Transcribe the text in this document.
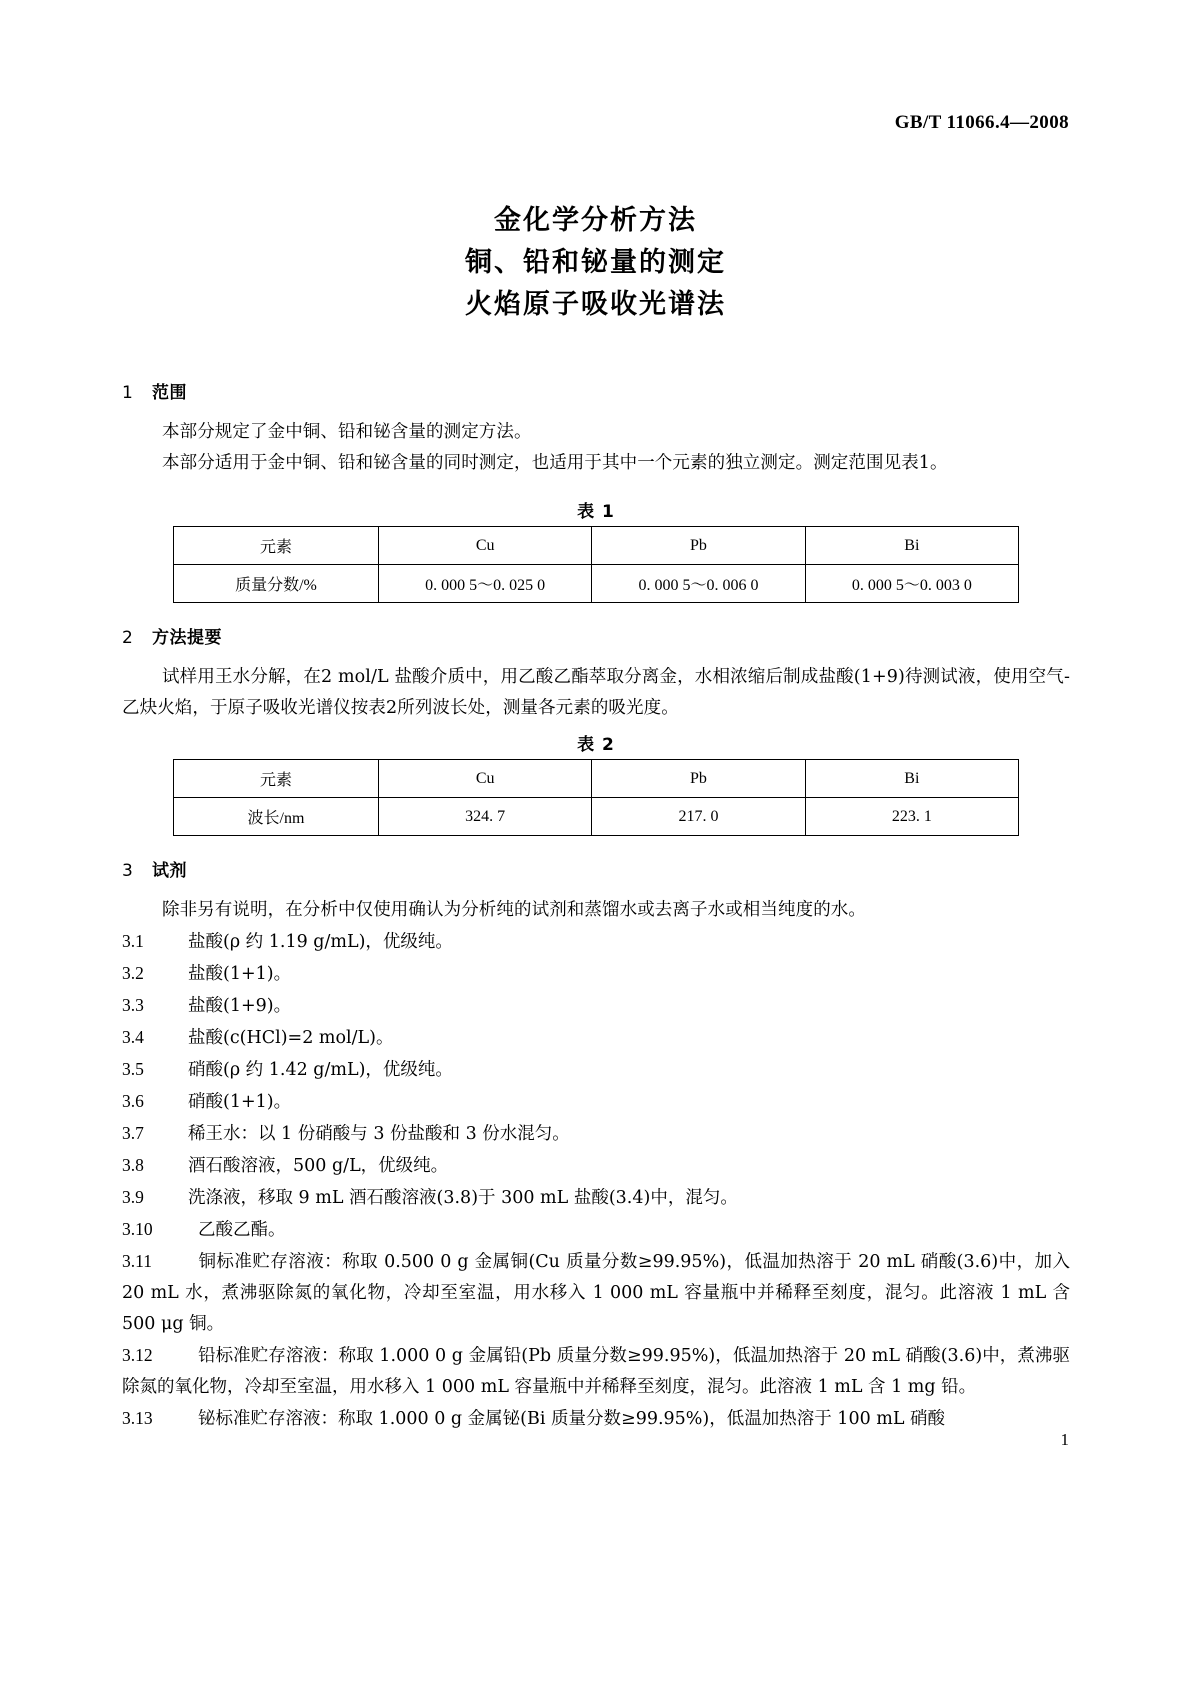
GB/T 11066.4—2008
金化学分析方法
铜、铅和铋量的测定
火焰原子吸收光谱法
1 范围

本部分规定了金中铜、铅和铋含量的测定方法。

本部分适用于金中铜、铅和铋含量的同时测定，也适用于其中一个元素的独立测定。测定范围见表1。

表 1
元素	Cu	Pb	Bi
质量分数/%	0. 000 5～0. 025 0	0. 000 5～0. 006 0	0. 000 5～0. 003 0
2 方法提要

试样用王水分解，在2 mol/L 盐酸介质中，用乙酸乙酯萃取分离金，水相浓缩后制成盐酸(1+9)待测试液，使用空气-乙炔火焰，于原子吸收光谱仪按表2所列波长处，测量各元素的吸光度。

表 2
元素	Cu	Pb	Bi
波长/nm	324. 7	217. 0	223. 1
3 试剂

除非另有说明，在分析中仅使用确认为分析纯的试剂和蒸馏水或去离子水或相当纯度的水。

3.1	盐酸(ρ 约 1.19 g/mL)，优级纯。
3.2	盐酸(1+1)。
3.3	盐酸(1+9)。
3.4	盐酸(c(HCl)=2 mol/L)。
3.5	硝酸(ρ 约 1.42 g/mL)，优级纯。
3.6	硝酸(1+1)。
3.7	稀王水：以 1 份硝酸与 3 份盐酸和 3 份水混匀。
3.8	酒石酸溶液，500 g/L，优级纯。
3.9	洗涤液，移取 9 mL 酒石酸溶液(3.8)于 300 mL 盐酸(3.4)中，混匀。
3.10	乙酸乙酯。
3.11	铜标准贮存溶液：称取 0.500 0 g 金属铜(Cu 质量分数≥99.95%)，低温加热溶于 20 mL 硝酸(3.6)中，加入 20 mL 水，煮沸驱除氮的氧化物，冷却至室温，用水移入 1 000 mL 容量瓶中并稀释至刻度，混匀。此溶液 1 mL 含 500 μg 铜。
3.12	铅标准贮存溶液：称取 1.000 0 g 金属铅(Pb 质量分数≥99.95%)，低温加热溶于 20 mL 硝酸(3.6)中，煮沸驱除氮的氧化物，冷却至室温，用水移入 1 000 mL 容量瓶中并稀释至刻度，混匀。此溶液 1 mL 含 1 mg 铅。
3.13	铋标准贮存溶液：称取 1.000 0 g 金属铋(Bi 质量分数≥99.95%)，低温加热溶于 100 mL 硝酸
1
